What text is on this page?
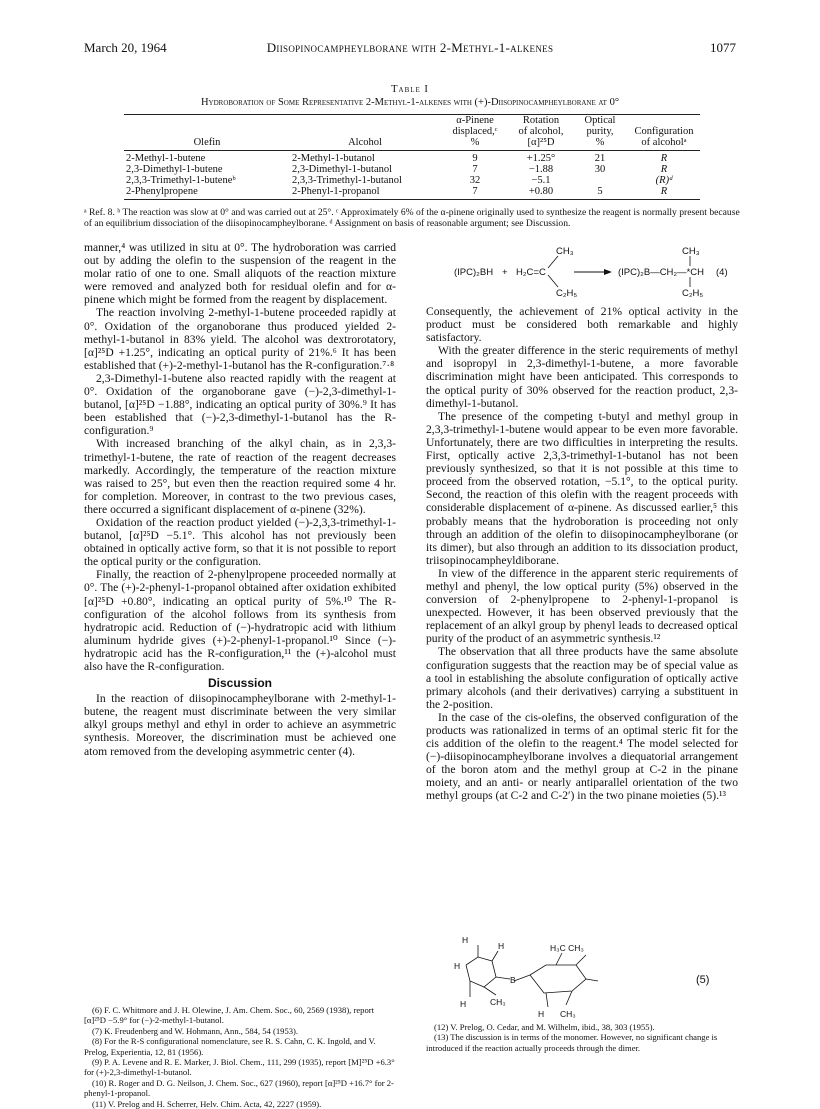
March 20, 1964	Diisopinocampheylborane with 2-Methyl-1-alkenes	1077
Table I
Hydroboration of Some Representative 2-Methyl-1-alkenes with (+)-Diisopinocampheylborane at 0°
		α-Pinene	Rotation	Optical	
		displaced,ᶜ	of alcohol,	purity,	Configuration
Olefin	Alcohol	%	[α]²⁵D	%	of alcoholᵃ
2-Methyl-1-butene	2-Methyl-1-butanol	9	+1.25°	21	R
2,3-Dimethyl-1-butene	2,3-Dimethyl-1-butanol	7	−1.88	30	R
2,3,3-Trimethyl-1-buteneᵇ	2,3,3-Trimethyl-1-butanol	32	−5.1		(R)ᵈ
2-Phenylpropene	2-Phenyl-1-propanol	7	+0.80	5	R
ᵃ Ref. 8. ᵇ The reaction was slow at 0° and was carried out at 25°. ᶜ Approximately 6% of the α-pinene originally used to synthesize the reagent is normally present because of an equilibrium dissociation of the diisopinocampheylborane. ᵈ Assignment on basis of reasonable argument; see Discussion.

manner,⁴ was utilized in situ at 0°. The hydroboration was carried out by adding the olefin to the suspension of the reagent in the molar ratio of one to one. Small aliquots of the reaction mixture were removed and analyzed both for residual olefin and for α-pinene which might be formed from the reagent by displacement.

The reaction involving 2-methyl-1-butene proceeded rapidly at 0°. Oxidation of the organoborane thus produced yielded 2-methyl-1-butanol in 83% yield. The alcohol was dextrorotatory, [α]²⁵D +1.25°, indicating an optical purity of 21%.⁶ It has been established that (+)-2-methyl-1-butanol has the R-configuration.⁷·⁸

2,3-Dimethyl-1-butene also reacted rapidly with the reagent at 0°. Oxidation of the organoborane gave (−)-2,3-dimethyl-1-butanol, [α]²⁵D −1.88°, indicating an optical purity of 30%.⁹ It has been established that (−)-2,3-dimethyl-1-butanol has the R-configuration.⁹

With increased branching of the alkyl chain, as in 2,3,3-trimethyl-1-butene, the rate of reaction of the reagent decreases markedly. Accordingly, the temperature of the reaction mixture was raised to 25°, but even then the reaction required some 4 hr. for completion. Moreover, in contrast to the two previous cases, there occurred a significant displacement of α-pinene (32%).

Oxidation of the reaction product yielded (−)-2,3,3-trimethyl-1-butanol, [α]²⁵D −5.1°. This alcohol has not previously been obtained in optically active form, so that it is not possible to report the optical purity or the configuration.

Finally, the reaction of 2-phenylpropene proceeded normally at 0°. The (+)-2-phenyl-1-propanol obtained after oxidation exhibited [α]²⁵D +0.80°, indicating an optical purity of 5%.¹⁰ The R-configuration of the alcohol follows from its synthesis from hydratropic acid. Reduction of (−)-hydratropic acid with lithium aluminum hydride gives (+)-2-phenyl-1-propanol.¹⁰ Since (−)-hydratropic acid has the R-configuration,¹¹ the (+)-alcohol must also have the R-configuration.

Discussion

In the reaction of diisopinocampheylborane with 2-methyl-1-butene, the reagent must discriminate between the very similar alkyl groups methyl and ethyl in order to achieve an asymmetric synthesis. Moreover, the discrimination must be achieved one atom removed from the developing asymmetric center (4).

(IPC)₂BH + H₂C=C
CH₃
C₂H₅
(IPC)₂B—CH₂—*CH
CH₃
C₂H₅
(4)

Consequently, the achievement of 21% optical activity in the product must be considered both remarkable and highly satisfactory.

With the greater difference in the steric requirements of methyl and isopropyl in 2,3-dimethyl-1-butene, a more favorable discrimination might have been anticipated. This corresponds to the optical purity of 30% observed for the reaction product, 2,3-dimethyl-1-butanol.

The presence of the competing t-butyl and methyl group in 2,3,3-trimethyl-1-butene would appear to be even more favorable. Unfortunately, there are two difficulties in interpreting the results. First, optically active 2,3,3-trimethyl-1-butanol has not been previously synthesized, so that it is not possible at this time to proceed from the observed rotation, −5.1°, to the optical purity. Second, the reaction of this olefin with the reagent proceeds with considerable displacement of α-pinene. As discussed earlier,⁵ this probably means that the hydroboration is proceeding not only through an addition of the olefin to diisopinocampheylborane (or its dimer), but also through an addition to its dissociation product, triisopinocampheyldiborane.

In view of the difference in the apparent steric requirements of methyl and phenyl, the low optical purity (5%) observed in the conversion of 2-phenylpropene to 2-phenyl-1-propanol is unexpected. However, it has been observed previously that the replacement of an alkyl group by phenyl leads to decreased optical purity of the product of an asymmetric synthesis.¹²

The observation that all three products have the same absolute configuration suggests that the reaction may be of special value as a tool in establishing the absolute configuration of optically active primary alcohols (and their derivatives) carrying a substituent in the 2-position.

In the case of the cis-olefins, the observed configuration of the products was rationalized in terms of an optimal steric fit for the cis addition of the olefin to the reagent.⁴ The model selected for (−)-diisopinocampheylborane involves a diequatorial arrangement of the boron atom and the methyl group at C-2 in the pinane moiety, and an anti- or nearly antiparallel orientation of the two methyl groups (at C-2 and C-2′) in the two pinane moieties (5).¹³

H
H
H
B
H	CH₃
H₃C CH₃
H CH₃
(5)
(6) F. C. Whitmore and J. H. Olewine, J. Am. Chem. Soc., 60, 2569 (1938), report [α]²⁵D −5.9° for (−)-2-methyl-1-butanol.
(7) K. Freudenberg and W. Hohmann, Ann., 584, 54 (1953).
(8) For the R-S configurational nomenclature, see R. S. Cahn, C. K. Ingold, and V. Prelog, Experientia, 12, 81 (1956).
(9) P. A. Levene and R. E. Marker, J. Biol. Chem., 111, 299 (1935), report [M]²⁵D +6.3° for (+)-2,3-dimethyl-1-butanol.
(10) R. Roger and D. G. Neilson, J. Chem. Soc., 627 (1960), report [α]²⁵D +16.7° for 2-phenyl-1-propanol.
(11) V. Prelog and H. Scherrer, Helv. Chim. Acta, 42, 2227 (1959).
(12) V. Prelog, O. Cedar, and M. Wilhelm, ibid., 38, 303 (1955).
(13) The discussion is in terms of the monomer. However, no significant change is introduced if the reaction actually proceeds through the dimer.
